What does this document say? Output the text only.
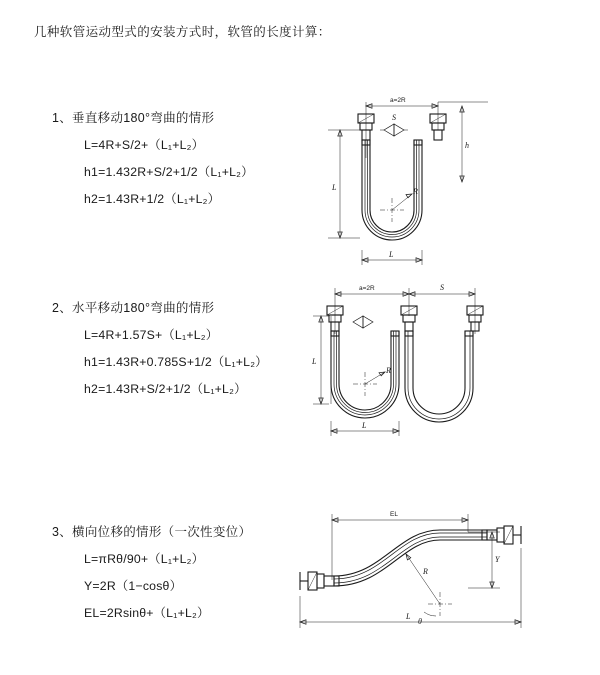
几种软管运动型式的安装方式时，软管的长度计算：
1、垂直移动180°弯曲的情形
L=4R+S/2+（L₁+L₂）
h1=1.432R+S/2+1/2（L₁+L₂）
h2=1.43R+1/2（L₁+L₂）
a=2R
h
L
S
R
L
2、水平移动180°弯曲的情形
L=4R+1.57S+（L₁+L₂）
h1=1.43R+0.785S+1/2（L₁+L₂）
h2=1.43R+S/2+1/2（L₁+L₂）
a=2R	S
L
R
L
3、横向位移的情形（一次性变位）
L=πRθ/90+（L₁+L₂）
Y=2R（1−cosθ）
EL=2Rsinθ+（L₁+L₂）
EL
Y
R
θ
L
